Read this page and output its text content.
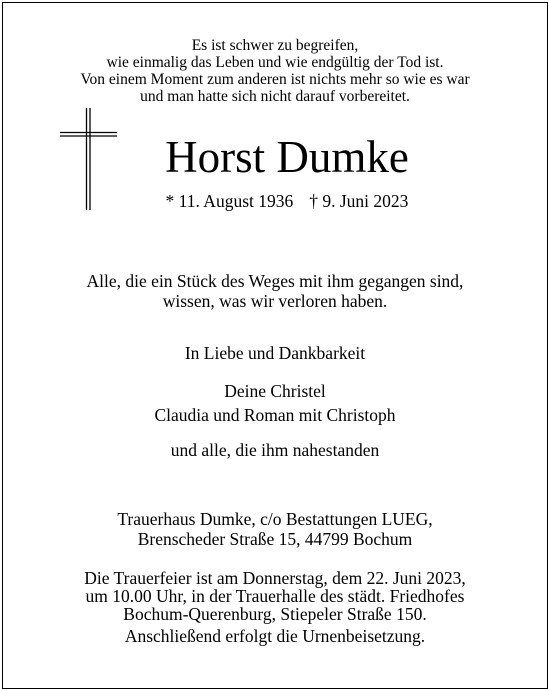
Es ist schwer zu begreifen,
wie einmalig das Leben und wie endgültig der Tod ist.
Von einem Moment zum anderen ist nichts mehr so wie es war
und man hatte sich nicht darauf vorbereitet.
Horst Dumke
* 11. August 1936 † 9. Juni 2023
Alle, die ein Stück des Weges mit ihm gegangen sind,
wissen, was wir verloren haben.
In Liebe und Dankbarkeit
Deine Christel
Claudia und Roman mit Christoph
und alle, die ihm nahestanden
Trauerhaus Dumke, c/o Bestattungen LUEG,
Brenscheder Straße 15, 44799 Bochum
Die Trauerfeier ist am Donnerstag, dem 22. Juni 2023,
um 10.00 Uhr, in der Trauerhalle des städt. Friedhofes
Bochum-Querenburg, Stiepeler Straße 150.
Anschließend erfolgt die Urnenbeisetzung.
